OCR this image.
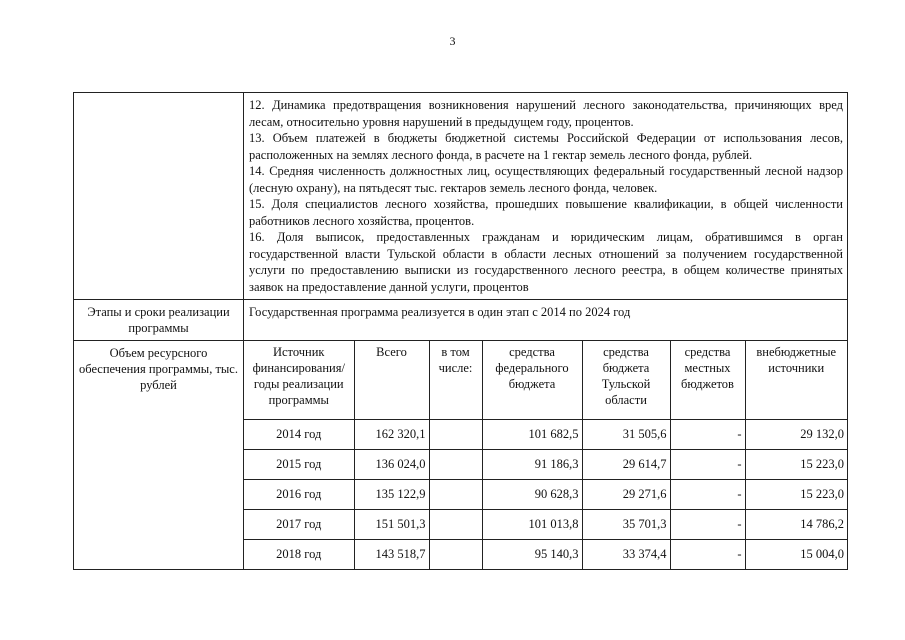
3

12. Динамика предотвращения возникновения нарушений лесного законодательства, причиняющих вред лесам, относительно уровня нарушений в предыдущем году, процентов.

13. Объем платежей в бюджеты бюджетной системы Российской Федерации от использования лесов, расположенных на землях лесного фонда, в расчете на 1 гектар земель лесного фонда, рублей.

14. Средняя численность должностных лиц, осуществляющих федеральный государственный лесной надзор (лесную охрану), на пятьдесят тыс. гектаров земель лесного фонда, человек.

15. Доля специалистов лесного хозяйства, прошедших повышение квалификации, в общей численности работников лесного хозяйства, процентов.

16. Доля выписок, предоставленных гражданам и юридическим лицам, обратившимся в орган государственной власти Тульской области в области лесных отношений за получением государственной услуги по предоставлению выписки из государственного лесного реестра, в общем количестве принятых заявок на предоставление данной услуги, процентов

Этапы и сроки реализации программы	Государственная программа реализуется в один этап с 2014 по 2024 год
Объем ресурсного обеспечения программы, тыс. рублей	
Источник финансирования/ годы реализации программы	Всего	в том числе:	средства федерального бюджета	средства бюджета Тульской области	средства местных бюджетов	внебюджетные источники
2014 год	162 320,1		101 682,5	31 505,6	-	29 132,0
2015 год	136 024,0		91 186,3	29 614,7	-	15 223,0
2016 год	135 122,9		90 628,3	29 271,6	-	15 223,0
2017 год	151 501,3		101 013,8	35 701,3	-	14 786,2
2018 год	143 518,7		95 140,3	33 374,4	-	15 004,0
